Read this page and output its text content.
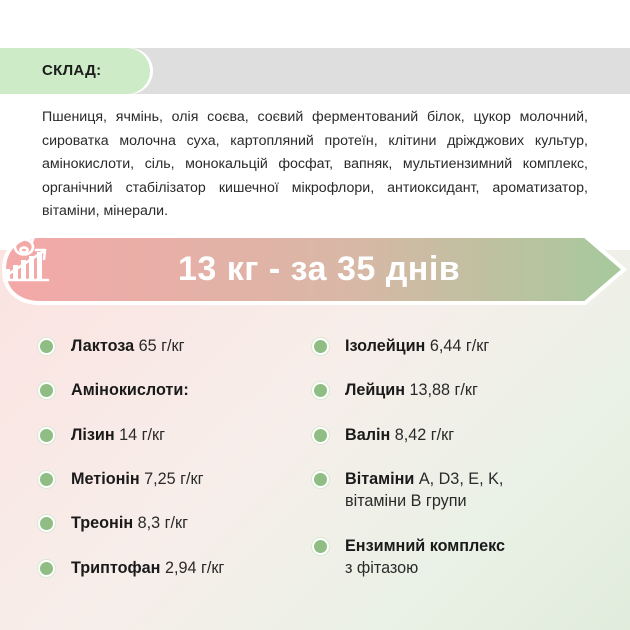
СКЛАД:
Пшениця, ячмінь, олія соєва, соєвий ферментований білок, цукор молочний, сироватка молочна суха, картопляний протеїн, клітини дріжджових культур, амінокислоти, сіль, монокальцій фосфат, вапняк, мультиензимний комплекс, органічний стабілізатор кишечної мікрофлори, антиоксидант, ароматизатор, вітаміни, мінерали.
13 кг - за 35 днів
Лактоза 65 г/кг
Амінокислоти:
Лізин 14 г/кг
Метіонін 7,25 г/кг
Треонін 8,3 г/кг
Триптофан 2,94 г/кг
Ізолейцин 6,44 г/кг
Лейцин 13,88 г/кг
Валін 8,42 г/кг
Вітаміни A, D3, E, K, вітаміни B групи
Ензимний комплекс
з фітазою
